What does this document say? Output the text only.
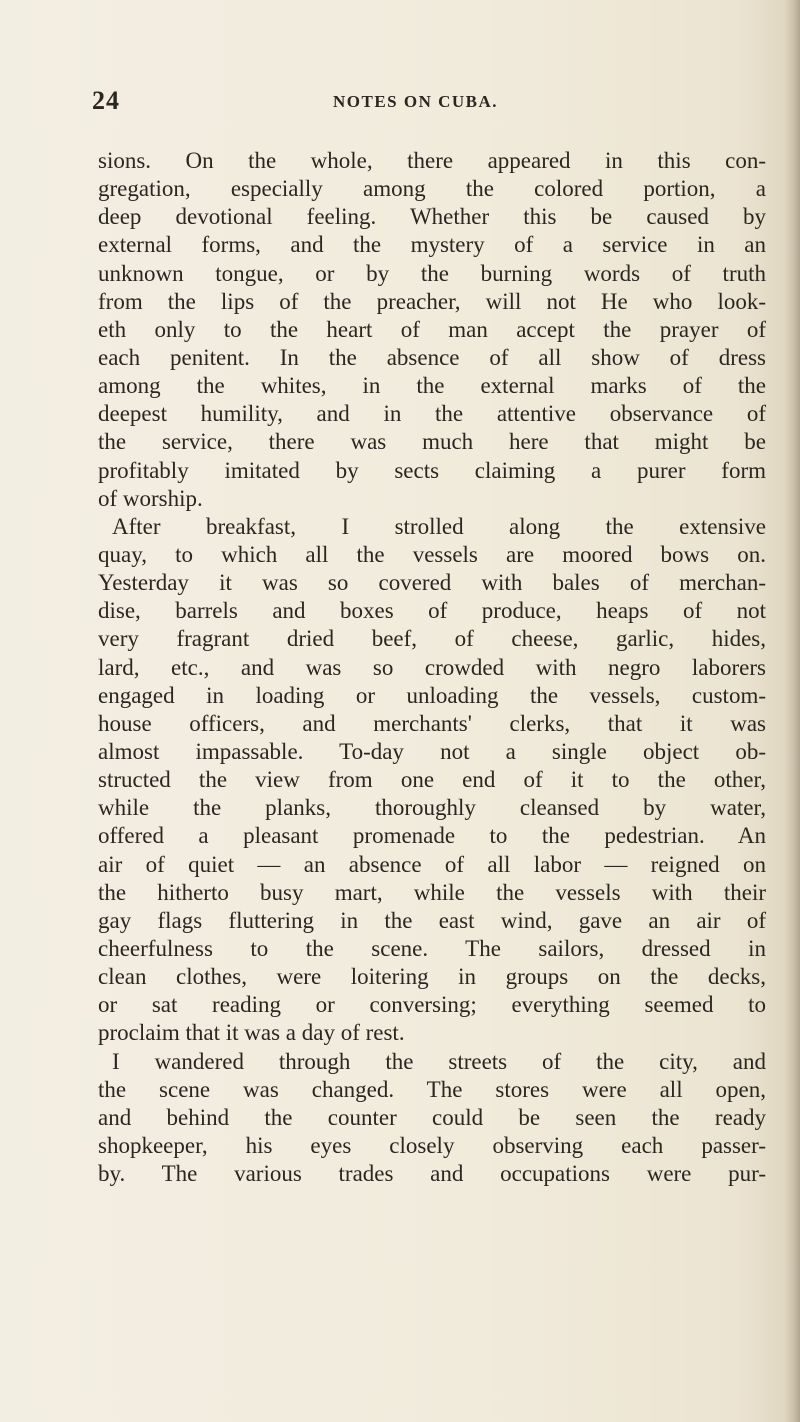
24	NOTES ON CUBA.
sions. On the whole, there appeared in this con-
gregation, especially among the colored portion, a
deep devotional feeling. Whether this be caused by
external forms, and the mystery of a service in an
unknown tongue, or by the burning words of truth
from the lips of the preacher, will not He who look-
eth only to the heart of man accept the prayer of
each penitent. In the absence of all show of dress
among the whites, in the external marks of the
deepest humility, and in the attentive observance of
the service, there was much here that might be
profitably imitated by sects claiming a purer form
of worship.
After breakfast, I strolled along the extensive
quay, to which all the vessels are moored bows on.
Yesterday it was so covered with bales of merchan-
dise, barrels and boxes of produce, heaps of not
very fragrant dried beef, of cheese, garlic, hides,
lard, etc., and was so crowded with negro laborers
engaged in loading or unloading the vessels, custom-
house officers, and merchants' clerks, that it was
almost impassable. To-day not a single object ob-
structed the view from one end of it to the other,
while the planks, thoroughly cleansed by water,
offered a pleasant promenade to the pedestrian. An
air of quiet — an absence of all labor — reigned on
the hitherto busy mart, while the vessels with their
gay flags fluttering in the east wind, gave an air of
cheerfulness to the scene. The sailors, dressed in
clean clothes, were loitering in groups on the decks,
or sat reading or conversing; everything seemed to
proclaim that it was a day of rest.
I wandered through the streets of the city, and
the scene was changed. The stores were all open,
and behind the counter could be seen the ready
shopkeeper, his eyes closely observing each passer-
by. The various trades and occupations were pur-
